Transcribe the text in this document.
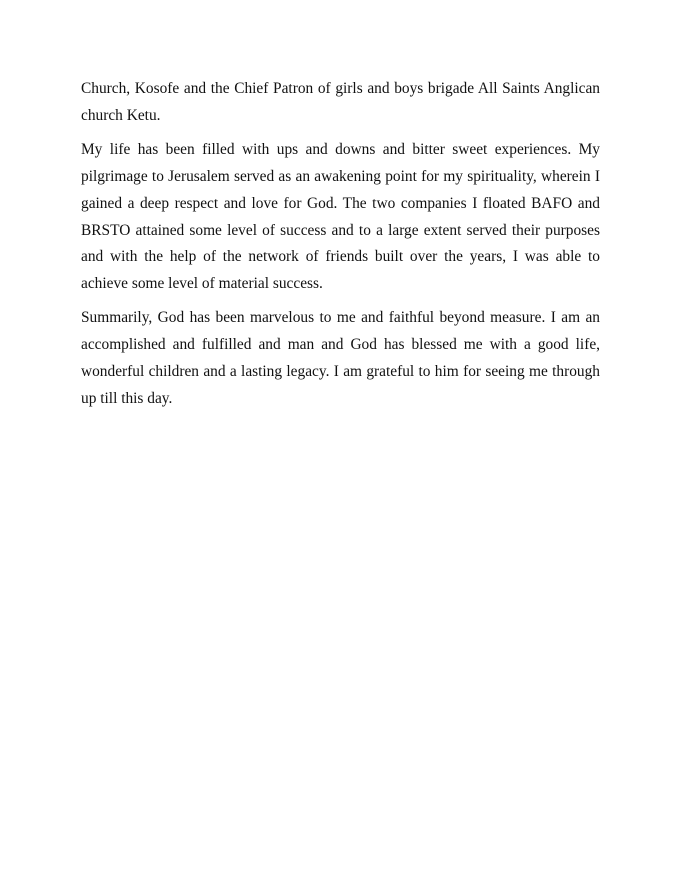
Church, Kosofe and the Chief Patron of girls and boys brigade All Saints Anglican church Ketu.

My life has been filled with ups and downs and bitter sweet experiences. My pilgrimage to Jerusalem served as an awakening point for my spirituality, wherein I gained a deep respect and love for God. The two companies I floated BAFO and BRSTO attained some level of success and to a large extent served their purposes and with the help of the network of friends built over the years, I was able to achieve some level of material success.

Summarily, God has been marvelous to me and faithful beyond measure. I am an accomplished and fulfilled and man and God has blessed me with a good life, wonderful children and a lasting legacy. I am grateful to him for seeing me through up till this day.
